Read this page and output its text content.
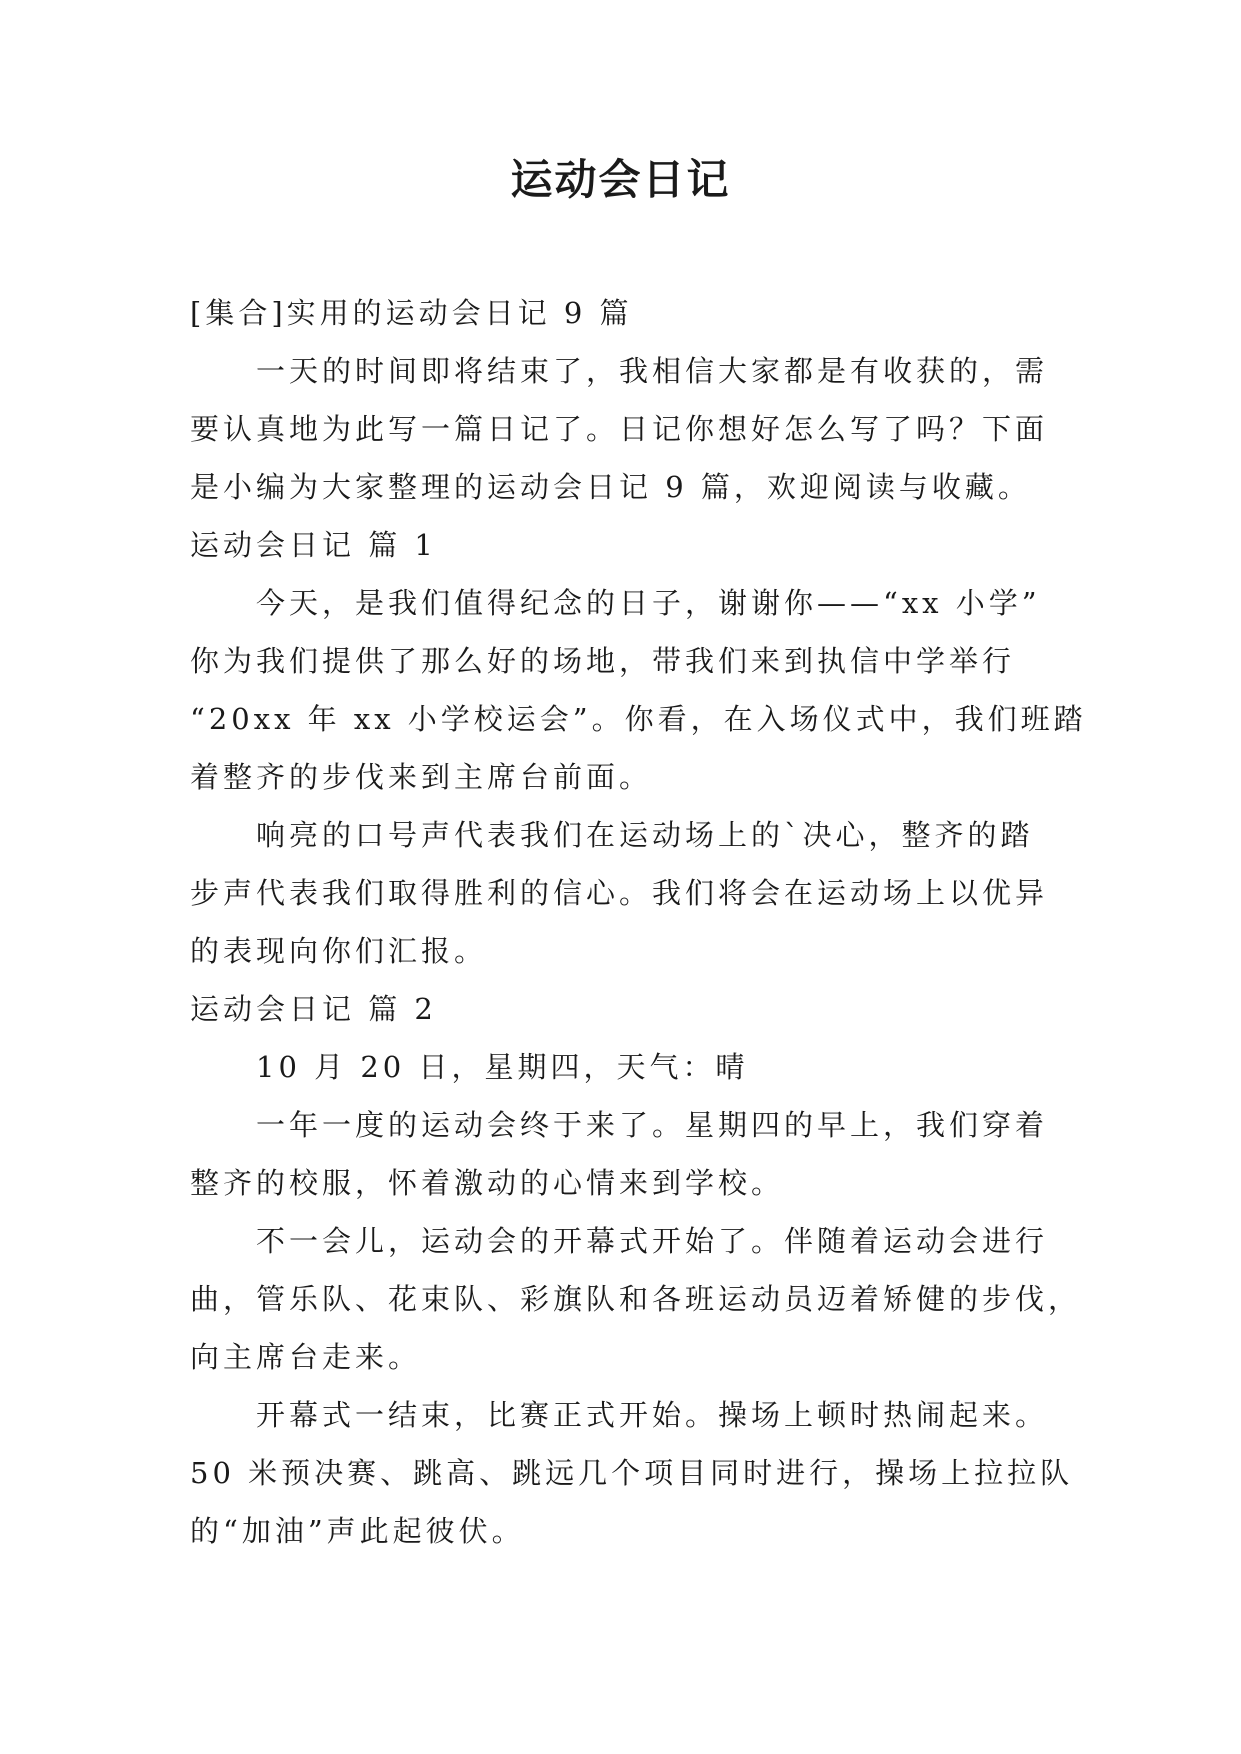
运动会日记

[集合]实用的运动会日记 9 篇

一天的时间即将结束了，我相信大家都是有收获的，需

要认真地为此写一篇日记了。日记你想好怎么写了吗？下面

是小编为大家整理的运动会日记 9 篇，欢迎阅读与收藏。

运动会日记 篇 1

今天，是我们值得纪念的日子，谢谢你——“xx 小学”

你为我们提供了那么好的场地，带我们来到执信中学举行

“20xx 年 xx 小学校运会”。你看，在入场仪式中，我们班踏

着整齐的步伐来到主席台前面。

响亮的口号声代表我们在运动场上的`决心，整齐的踏

步声代表我们取得胜利的信心。我们将会在运动场上以优异

的表现向你们汇报。

运动会日记 篇 2

10 月 20 日，星期四，天气：晴

一年一度的运动会终于来了。星期四的早上，我们穿着

整齐的校服，怀着激动的心情来到学校。

不一会儿，运动会的开幕式开始了。伴随着运动会进行

曲，管乐队、花束队、彩旗队和各班运动员迈着矫健的步伐，

向主席台走来。

开幕式一结束，比赛正式开始。操场上顿时热闹起来。

50 米预决赛、跳高、跳远几个项目同时进行，操场上拉拉队

的“加油”声此起彼伏。
